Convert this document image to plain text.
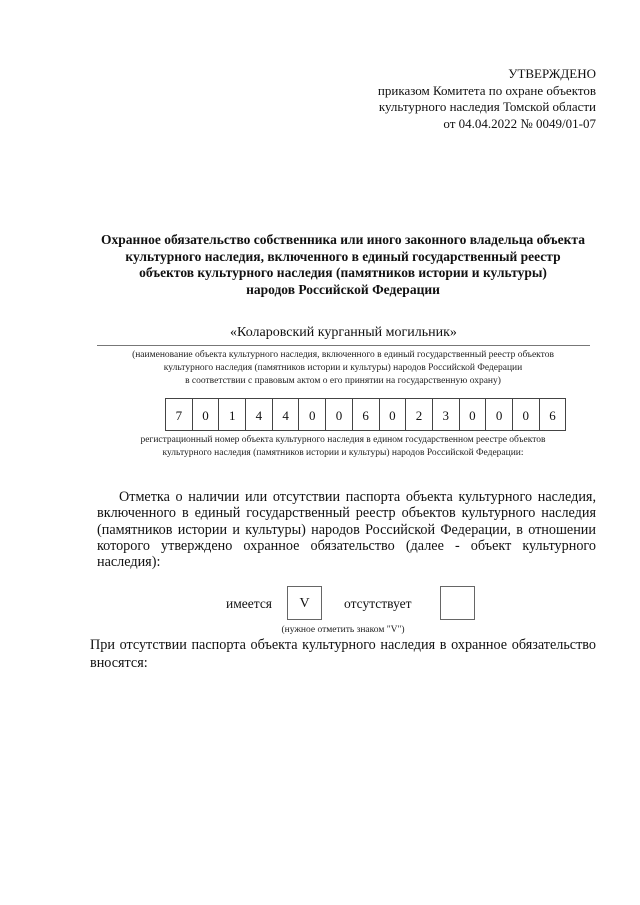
УТВЕРЖДЕНО
приказом Комитета по охране объектов
культурного наследия Томской области
от 04.04.2022 № 0049/01-07
Охранное обязательство собственника или иного законного владельца объекта
культурного наследия, включенного в единый государственный реестр
объектов культурного наследия (памятников истории и культуры)
народов Российской Федерации
«Коларовский курганный могильник»
(наименование объекта культурного наследия, включенного в единый государственный реестр объектов
культурного наследия (памятников истории и культуры) народов Российской Федерации
в соответствии с правовым актом о его принятии на государственную охрану)
7	0	1	4	4	0	0	6	0	2	3	0	0	0	6
регистрационный номер объекта культурного наследия в едином государственном реестре объектов
культурного наследия (памятников истории и культуры) народов Российской Федерации:

Отметка о наличии или отсутствии паспорта объекта культурного наследия, включенного в единый государственный реестр объектов культурного наследия (памятников истории и культуры) народов Российской Федерации, в отношении которого утверждено охранное обязательство (далее - объект культурного наследия):

имеется	V	отсутствует
(нужное отметить знаком "V")
При отсутствии паспорта объекта культурного наследия в охранное обязательство вносятся:
